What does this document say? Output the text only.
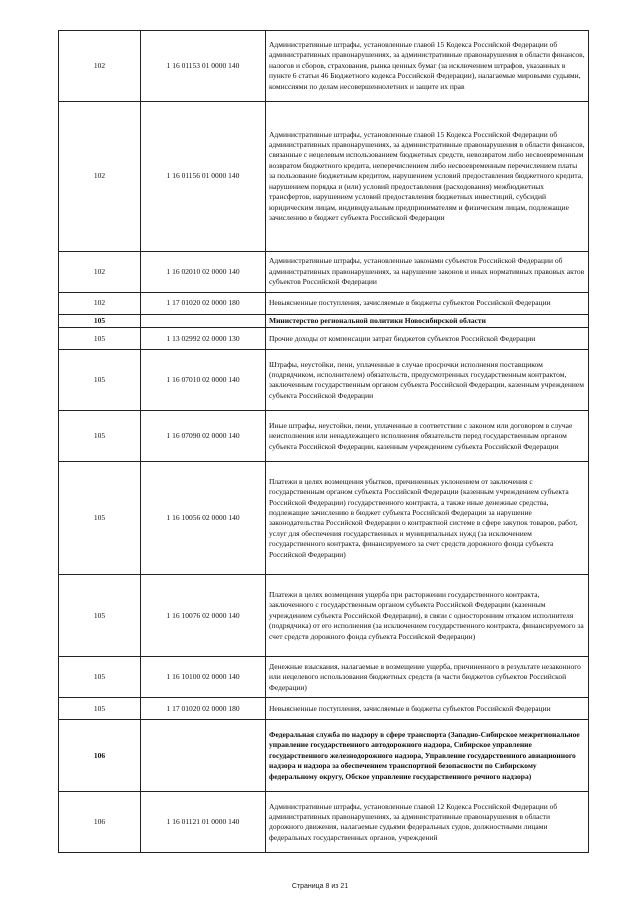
102	1 16 01153 01 0000 140	Административные штрафы, установленные главой 15 Кодекса Российской Федерации об административных правонарушениях, за административные правонарушения в области финансов, налогов и сборов, страхования, рынка ценных бумаг (за исключением штрафов, указанных в пункте 6 статьи 46 Бюджетного кодекса Российской Федерации), налагаемые мировыми судьями, комиссиями по делам несовершеннолетних и защите их прав
102	1 16 01156 01 0000 140	Административные штрафы, установленные главой 15 Кодекса Российской Федерации об административных правонарушениях, за административные правонарушения в области финансов, связанные с нецелевым использованием бюджетных средств, невозвратом либо несвоевременным возвратом бюджетного кредита, неперечислением либо несвоевременным перечислением платы за пользование бюджетным кредитом, нарушением условий предоставления бюджетного кредита, нарушением порядка и (или) условий предоставления (расходования) межбюджетных трансфертов, нарушением условий предоставления бюджетных инвестиций, субсидий юридическим лицам, индивидуальным предпринимателям и физическим лицам, подлежащие зачислению в бюджет субъекта Российской Федерации
102	1 16 02010 02 0000 140	Административные штрафы, установленные законами субъектов Российской Федерации об административных правонарушениях, за нарушение законов и иных нормативных правовых актов субъектов Российской Федерации
102	1 17 01020 02 0000 180	Невыясненные поступления, зачисляемые в бюджеты субъектов Российской Федерации
105		Министерство региональной политики Новосибирской области
105	1 13 02992 02 0000 130	Прочие доходы от компенсации затрат бюджетов субъектов Российской Федерации
105	1 16 07010 02 0000 140	Штрафы, неустойки, пени, уплаченные в случае просрочки исполнения поставщиком (подрядчиком, исполнителем) обязательств, предусмотренных государственным контрактом, заключенным государственным органом субъекта Российской Федерации, казенным учреждением субъекта Российской Федерации
105	1 16 07090 02 0000 140	Иные штрафы, неустойки, пени, уплаченные в соответствии с законом или договором в случае неисполнения или ненадлежащего исполнения обязательств перед государственным органом субъекта Российской Федерации, казенным учреждением субъекта Российской Федерации
105	1 16 10056 02 0000 140	Платежи в целях возмещения убытков, причиненных уклонением от заключения с государственным органом субъекта Российской Федерации (казенным учреждением субъекта Российской Федерации) государственного контракта, а также иные денежные средства, подлежащие зачислению в бюджет субъекта Российской Федерации за нарушение законодательства Российской Федерации о контрактной системе в сфере закупок товаров, работ, услуг для обеспечения государственных и муниципальных нужд (за исключением государственного контракта, финансируемого за счет средств дорожного фонда субъекта Российской Федерации)
105	1 16 10076 02 0000 140	Платежи в целях возмещения ущерба при расторжении государственного контракта, заключенного с государственным органом субъекта Российской Федерации (казенным учреждением субъекта Российской Федерации), в связи с односторонним отказом исполнителя (подрядчика) от его исполнения (за исключением государственного контракта, финансируемого за счет средств дорожного фонда субъекта Российской Федерации)
105	1 16 10100 02 0000 140	Денежные взыскания, налагаемые в возмещение ущерба, причиненного в результате незаконного или нецелевого использования бюджетных средств (в части бюджетов субъектов Российской Федерации)
105	1 17 01020 02 0000 180	Невыясненные поступления, зачисляемые в бюджеты субъектов Российской Федерации
106		Федеральная служба по надзору в сфере транспорта (Западно-Сибирское межрегиональное управление государственного автодорожного надзора, Сибирское управление государственного железнодорожного надзора, Управление государственного авиационного надзора и надзора за обеспечением транспортной безопасности по Сибирскому федеральному округу, Обское управление государственного речного надзора)
106	1 16 01121 01 0000 140	Административные штрафы, установленные главой 12 Кодекса Российской Федерации об административных правонарушениях, за административные правонарушения в области дорожного движения, налагаемые судьями федеральных судов, должностными лицами федеральных государственных органов, учреждений
Страница 8 из 21
